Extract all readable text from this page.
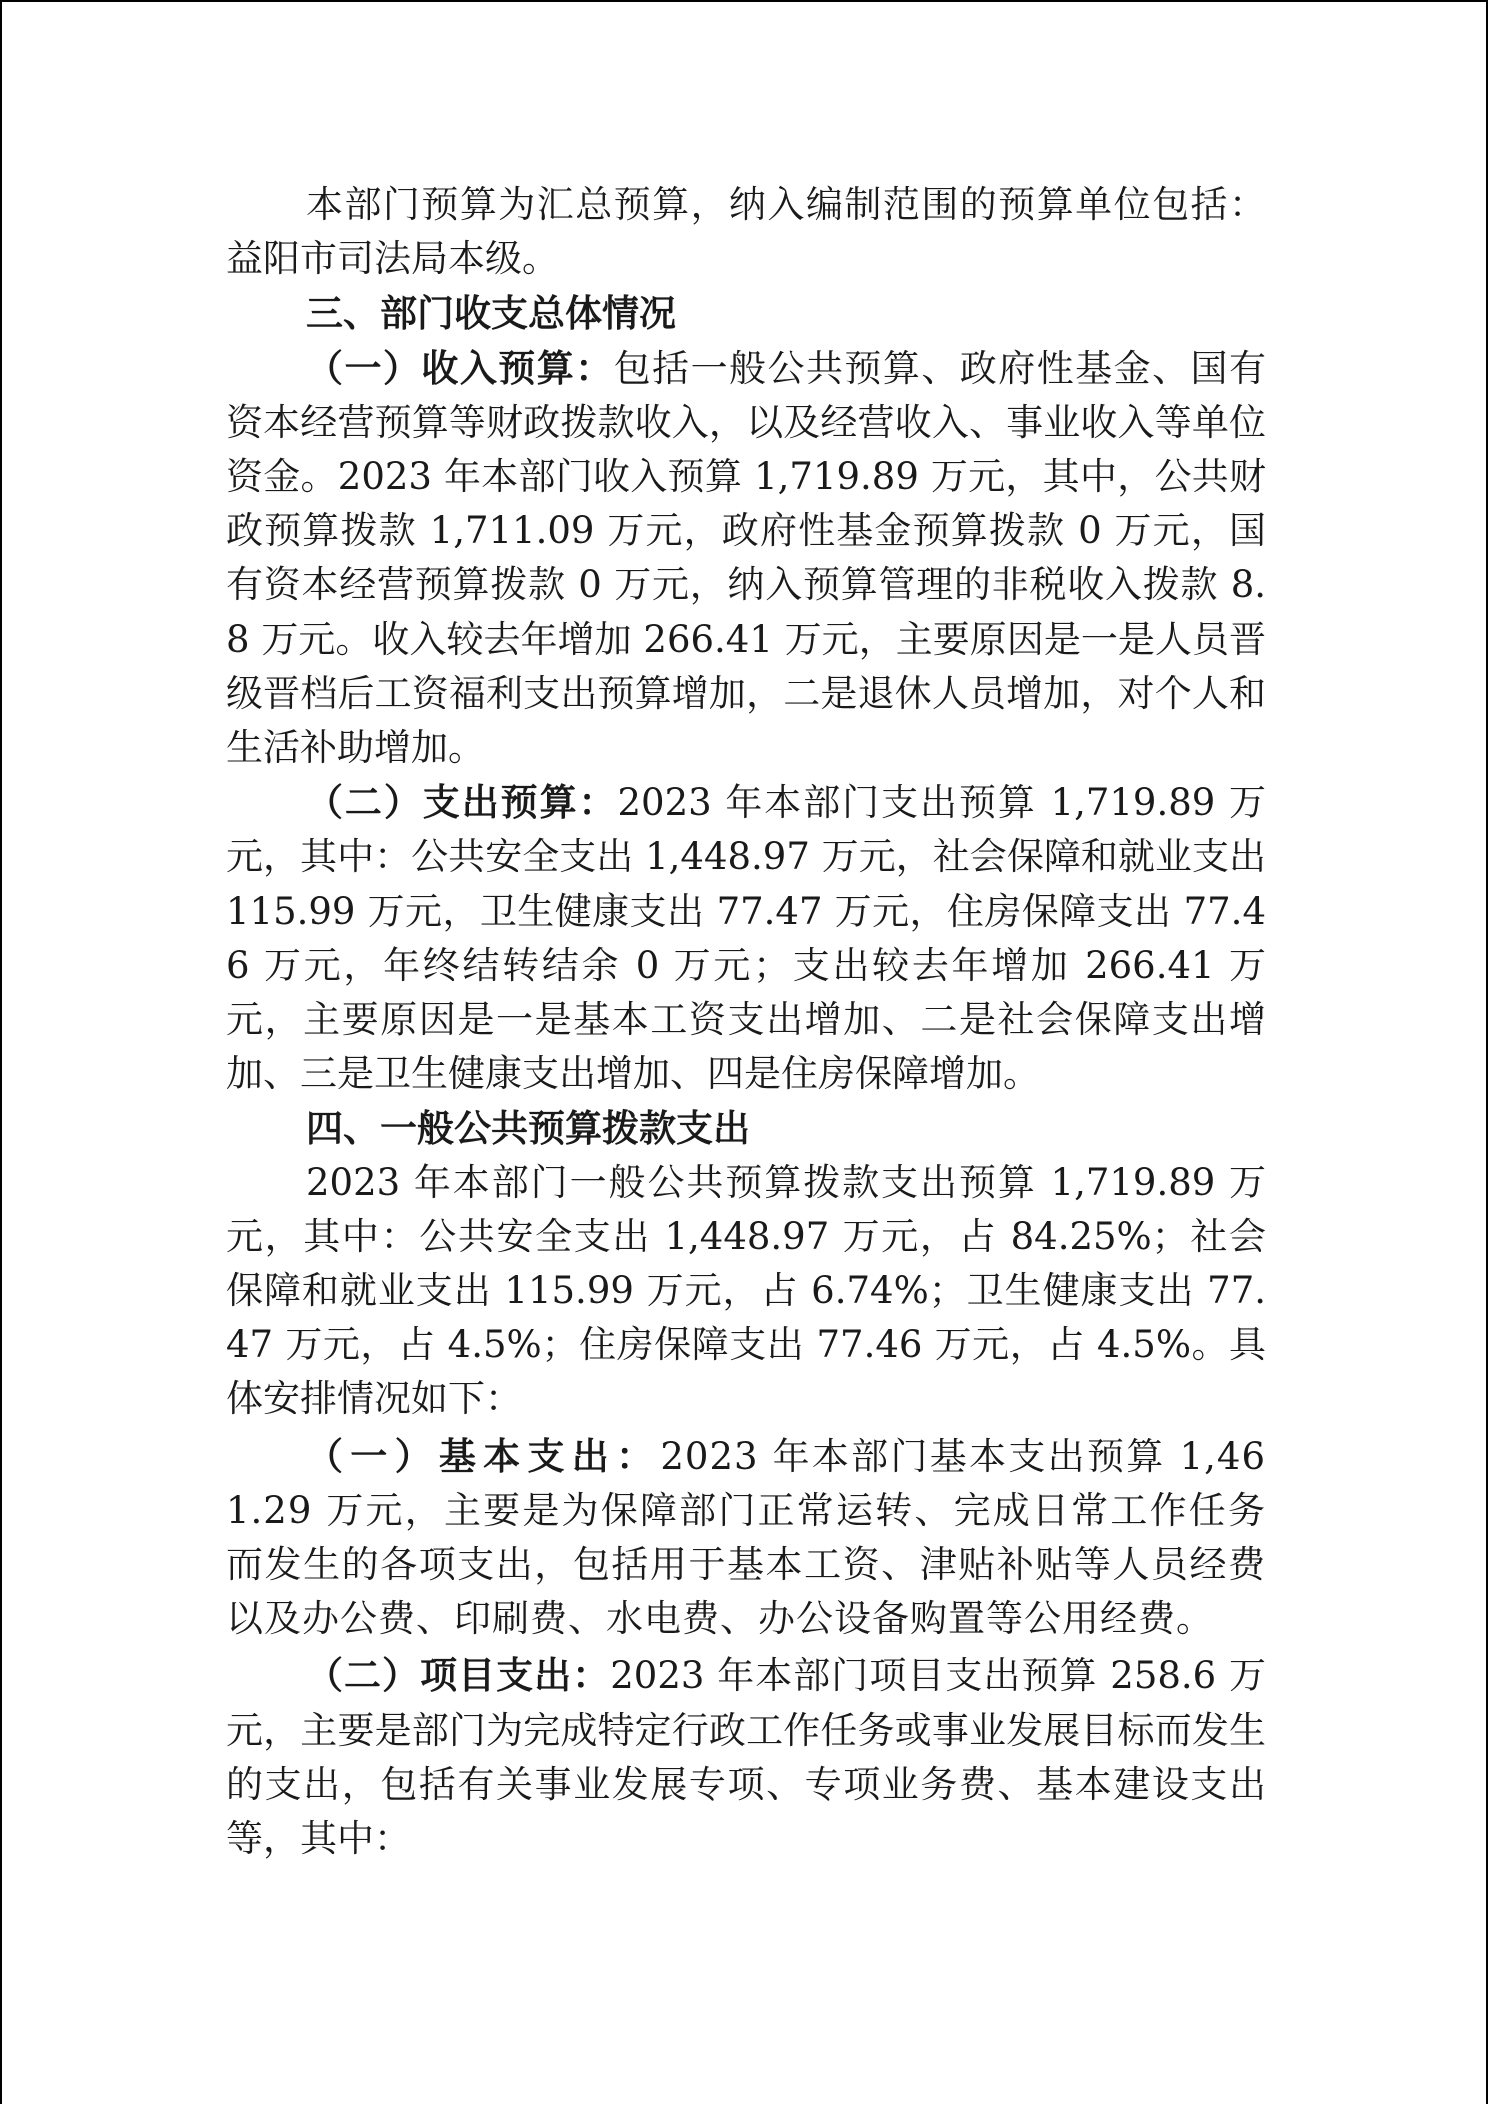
本部门预算为汇总预算，纳入编制范围的预算单位包括：益阳市司法局本级。

三、部门收支总体情况

（一）收入预算：包括一般公共预算、政府性基金、国有资本经营预算等财政拨款收入，以及经营收入、事业收入等单位资金。2023 年本部门收入预算 1,719.89 万元，其中，公共财政预算拨款 1,711.09 万元，政府性基金预算拨款 0 万元，国有资本经营预算拨款 0 万元，纳入预算管理的非税收入拨款 8.8 万元。收入较去年增加 266.41 万元，主要原因是一是人员晋级晋档后工资福利支出预算增加，二是退休人员增加，对个人和生活补助增加。

（二）支出预算：2023 年本部门支出预算 1,719.89 万元，其中：公共安全支出 1,448.97 万元，社会保障和就业支出 115.99 万元，卫生健康支出 77.47 万元，住房保障支出 77.46 万元，年终结转结余 0 万元；支出较去年增加 266.41 万元，主要原因是一是基本工资支出增加、二是社会保障支出增加、三是卫生健康支出增加、四是住房保障增加。

四、一般公共预算拨款支出

2023 年本部门一般公共预算拨款支出预算 1,719.89 万元，其中：公共安全支出 1,448.97 万元，占 84.25%；社会保障和就业支出 115.99 万元，占 6.74%；卫生健康支出 77.47 万元，占 4.5%；住房保障支出 77.46 万元，占 4.5%。具体安排情况如下：

（一）基本支出：2023 年本部门基本支出预算 1,461.29 万元，主要是为保障部门正常运转、完成日常工作任务而发生的各项支出，包括用于基本工资、津贴补贴等人员经费以及办公费、印刷费、水电费、办公设备购置等公用经费。

（二）项目支出：2023 年本部门项目支出预算 258.6 万元，主要是部门为完成特定行政工作任务或事业发展目标而发生的支出，包括有关事业发展专项、专项业务费、基本建设支出等，其中：
